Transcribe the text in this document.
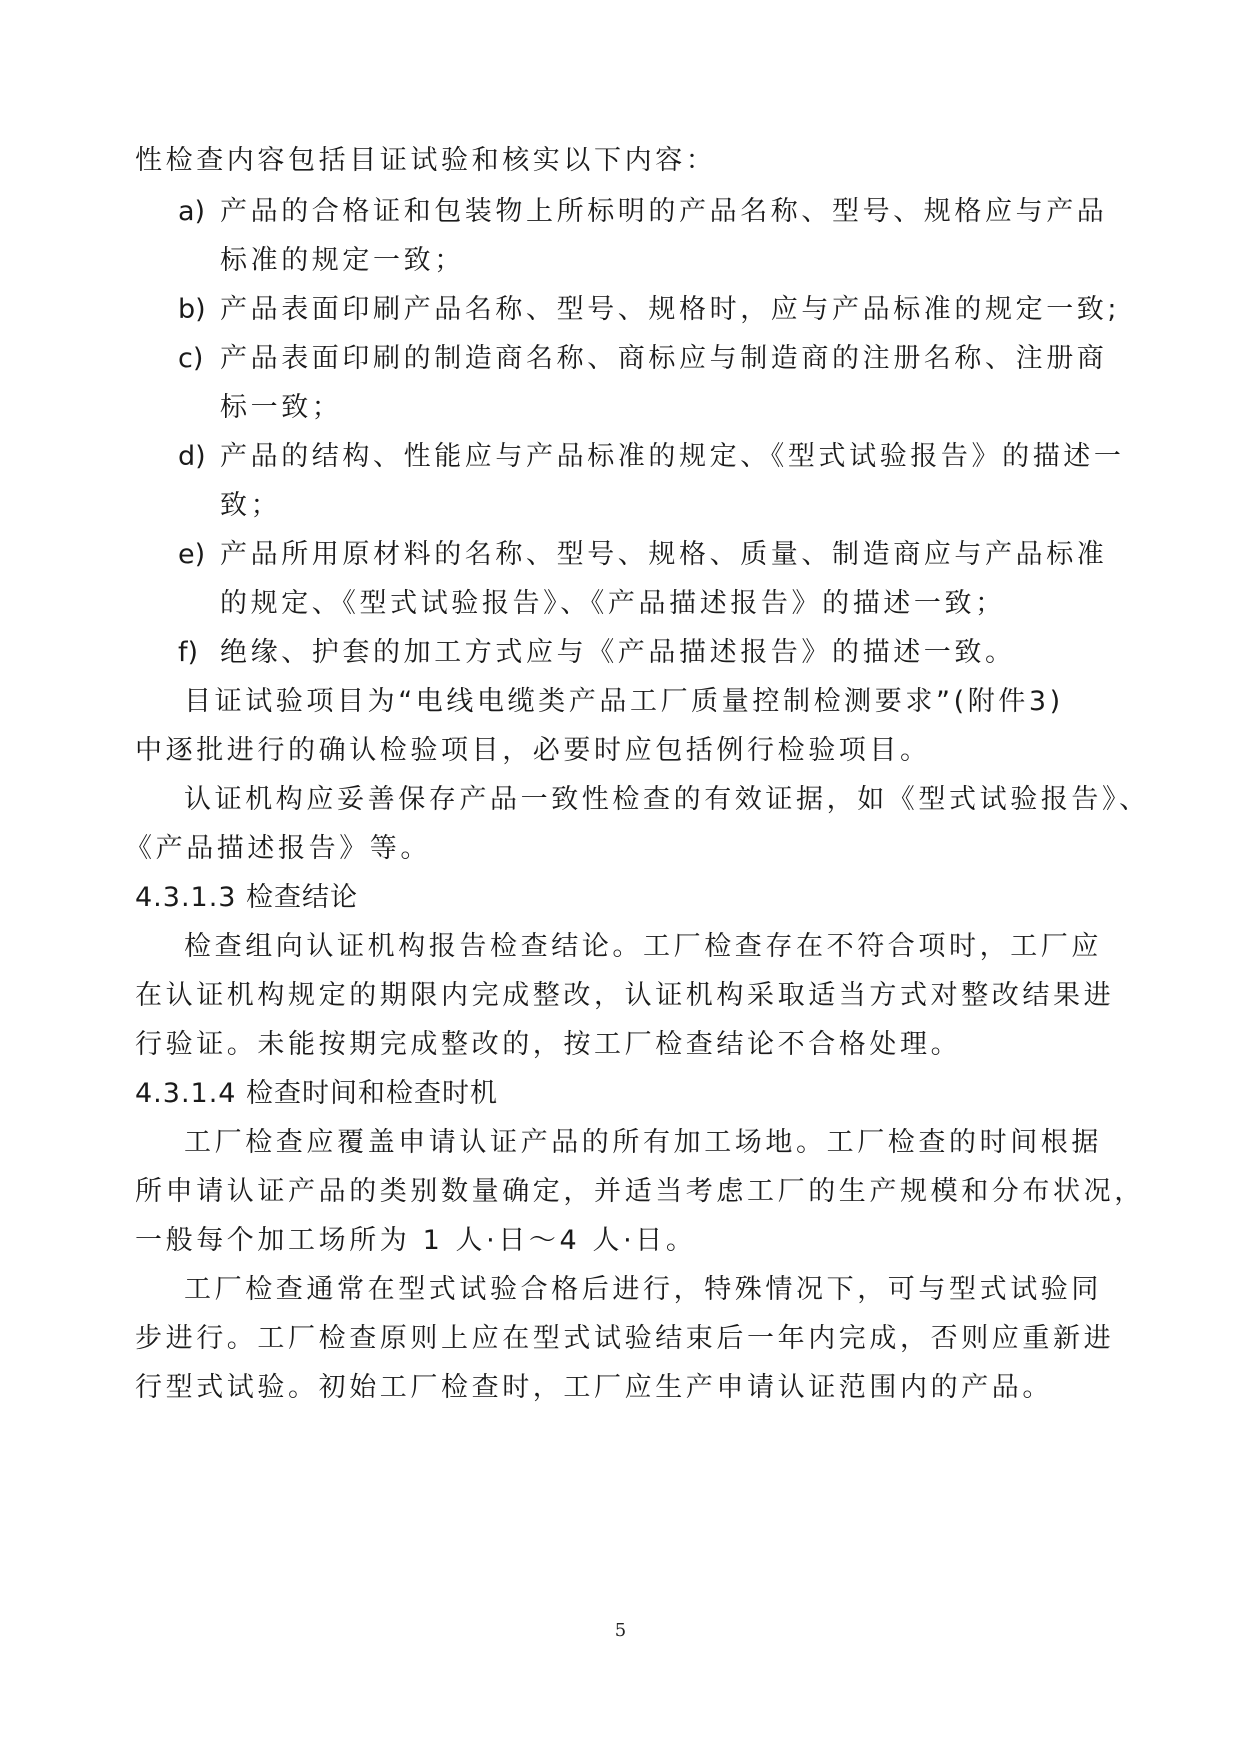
性检查内容包括目证试验和核实以下内容：
a) 产品的合格证和包装物上所标明的产品名称、型号、规格应与产品
标准的规定一致；
b) 产品表面印刷产品名称、型号、规格时，应与产品标准的规定一致;
c) 产品表面印刷的制造商名称、商标应与制造商的注册名称、注册商
标一致；
d) 产品的结构、性能应与产品标准的规定、《型式试验报告》的描述一
致；
e) 产品所用原材料的名称、型号、规格、质量、制造商应与产品标准
的规定、《型式试验报告》、《产品描述报告》的描述一致；
f) 绝缘、护套的加工方式应与《产品描述报告》的描述一致。
目证试验项目为“电线电缆类产品工厂质量控制检测要求”(附件3)
中逐批进行的确认检验项目，必要时应包括例行检验项目。
认证机构应妥善保存产品一致性检查的有效证据，如《型式试验报告》、
《产品描述报告》等。
4.3.1.3 检查结论
检查组向认证机构报告检查结论。工厂检查存在不符合项时，工厂应
在认证机构规定的期限内完成整改，认证机构采取适当方式对整改结果进
行验证。未能按期完成整改的，按工厂检查结论不合格处理。
4.3.1.4 检查时间和检查时机
工厂检查应覆盖申请认证产品的所有加工场地。工厂检查的时间根据
所申请认证产品的类别数量确定，并适当考虑工厂的生产规模和分布状况，
一般每个加工场所为 1 人·日～4 人·日。
工厂检查通常在型式试验合格后进行，特殊情况下，可与型式试验同
步进行。工厂检查原则上应在型式试验结束后一年内完成，否则应重新进
行型式试验。初始工厂检查时，工厂应生产申请认证范围内的产品。
5
